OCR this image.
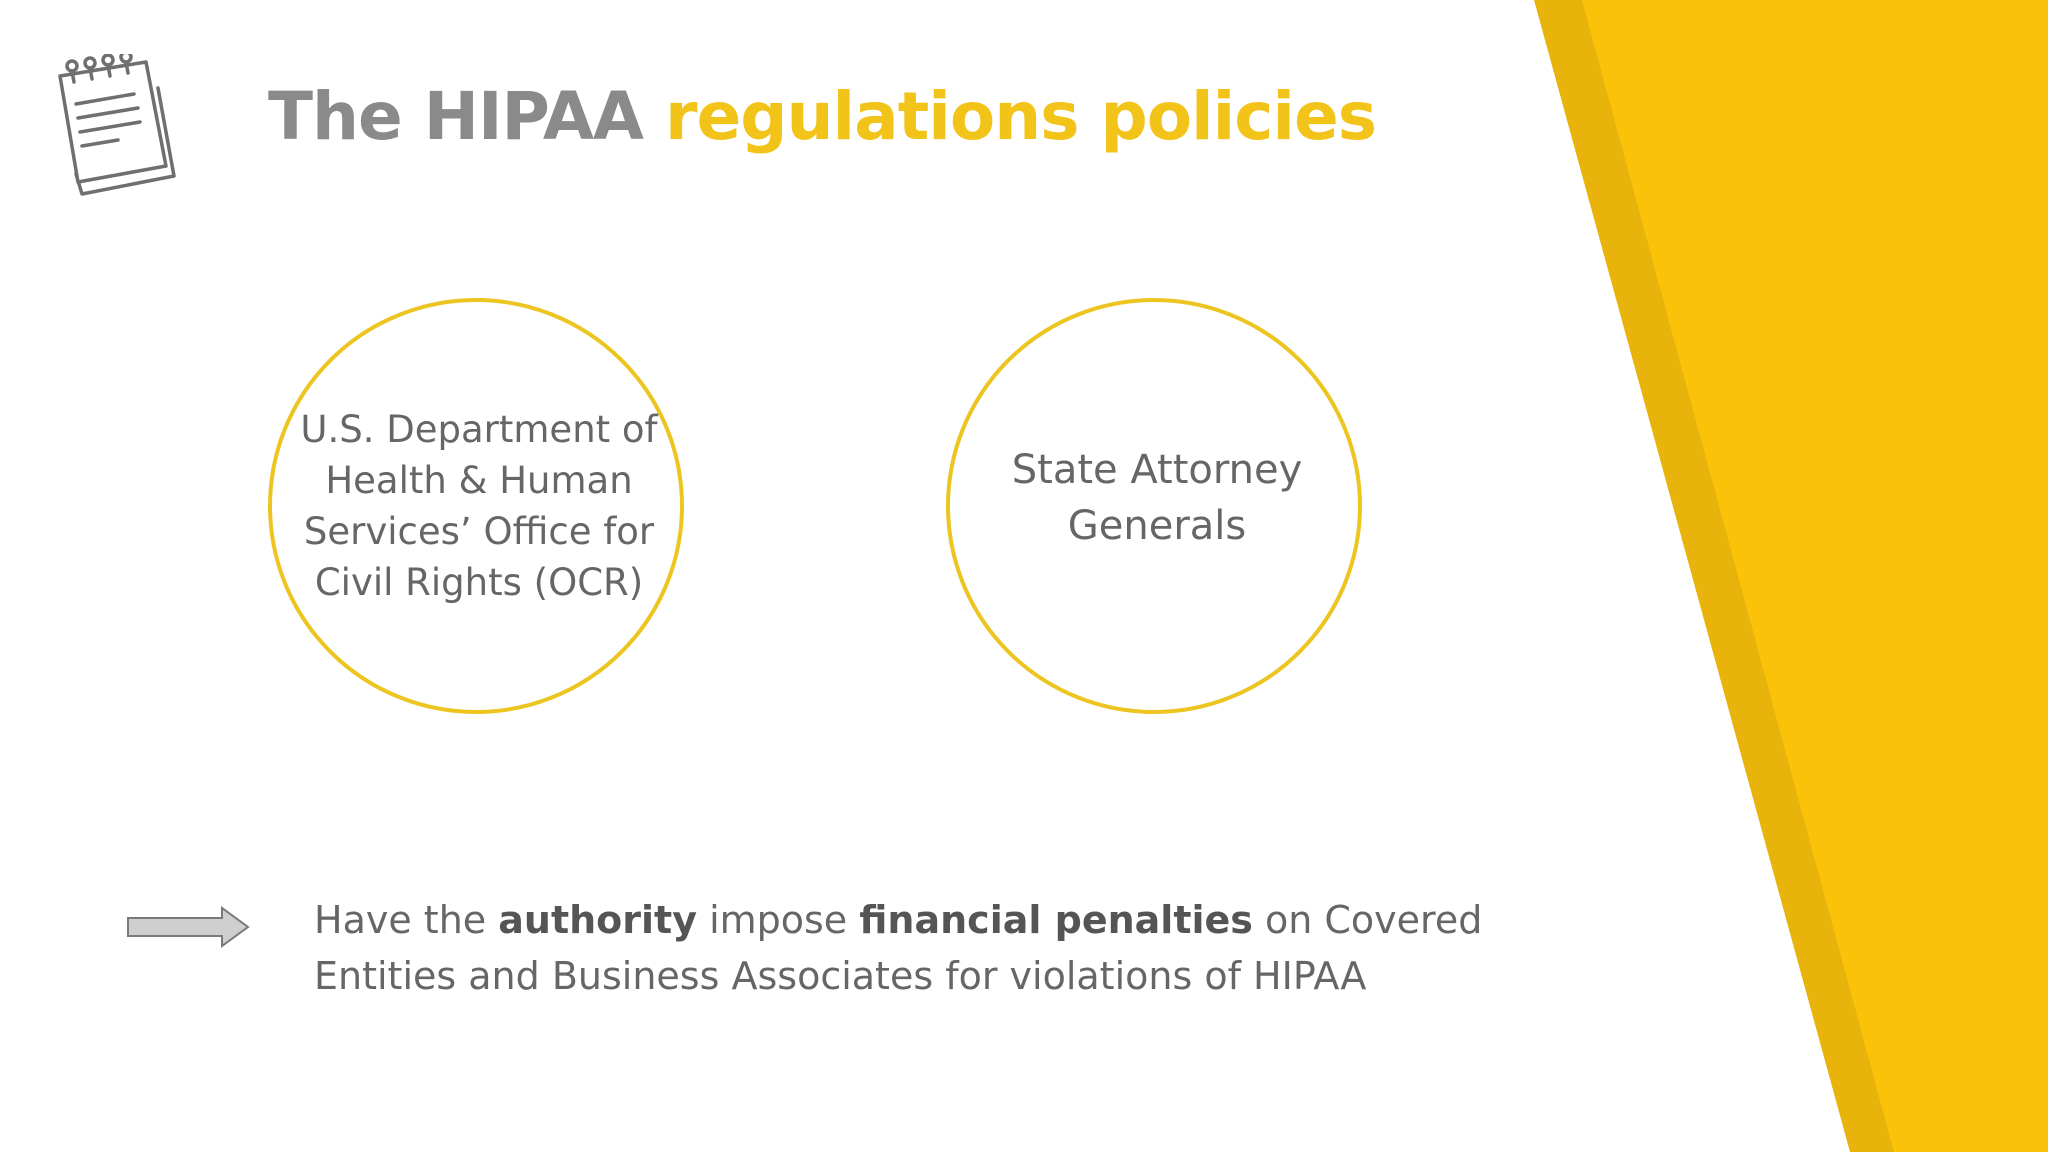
The HIPAA regulations policies
U.S. Department of Health & Human Services’ Office for Civil Rights (OCR)
State Attorney Generals

Have the authority impose financial penalties on Covered Entities and Business Associates for violations of HIPAA
